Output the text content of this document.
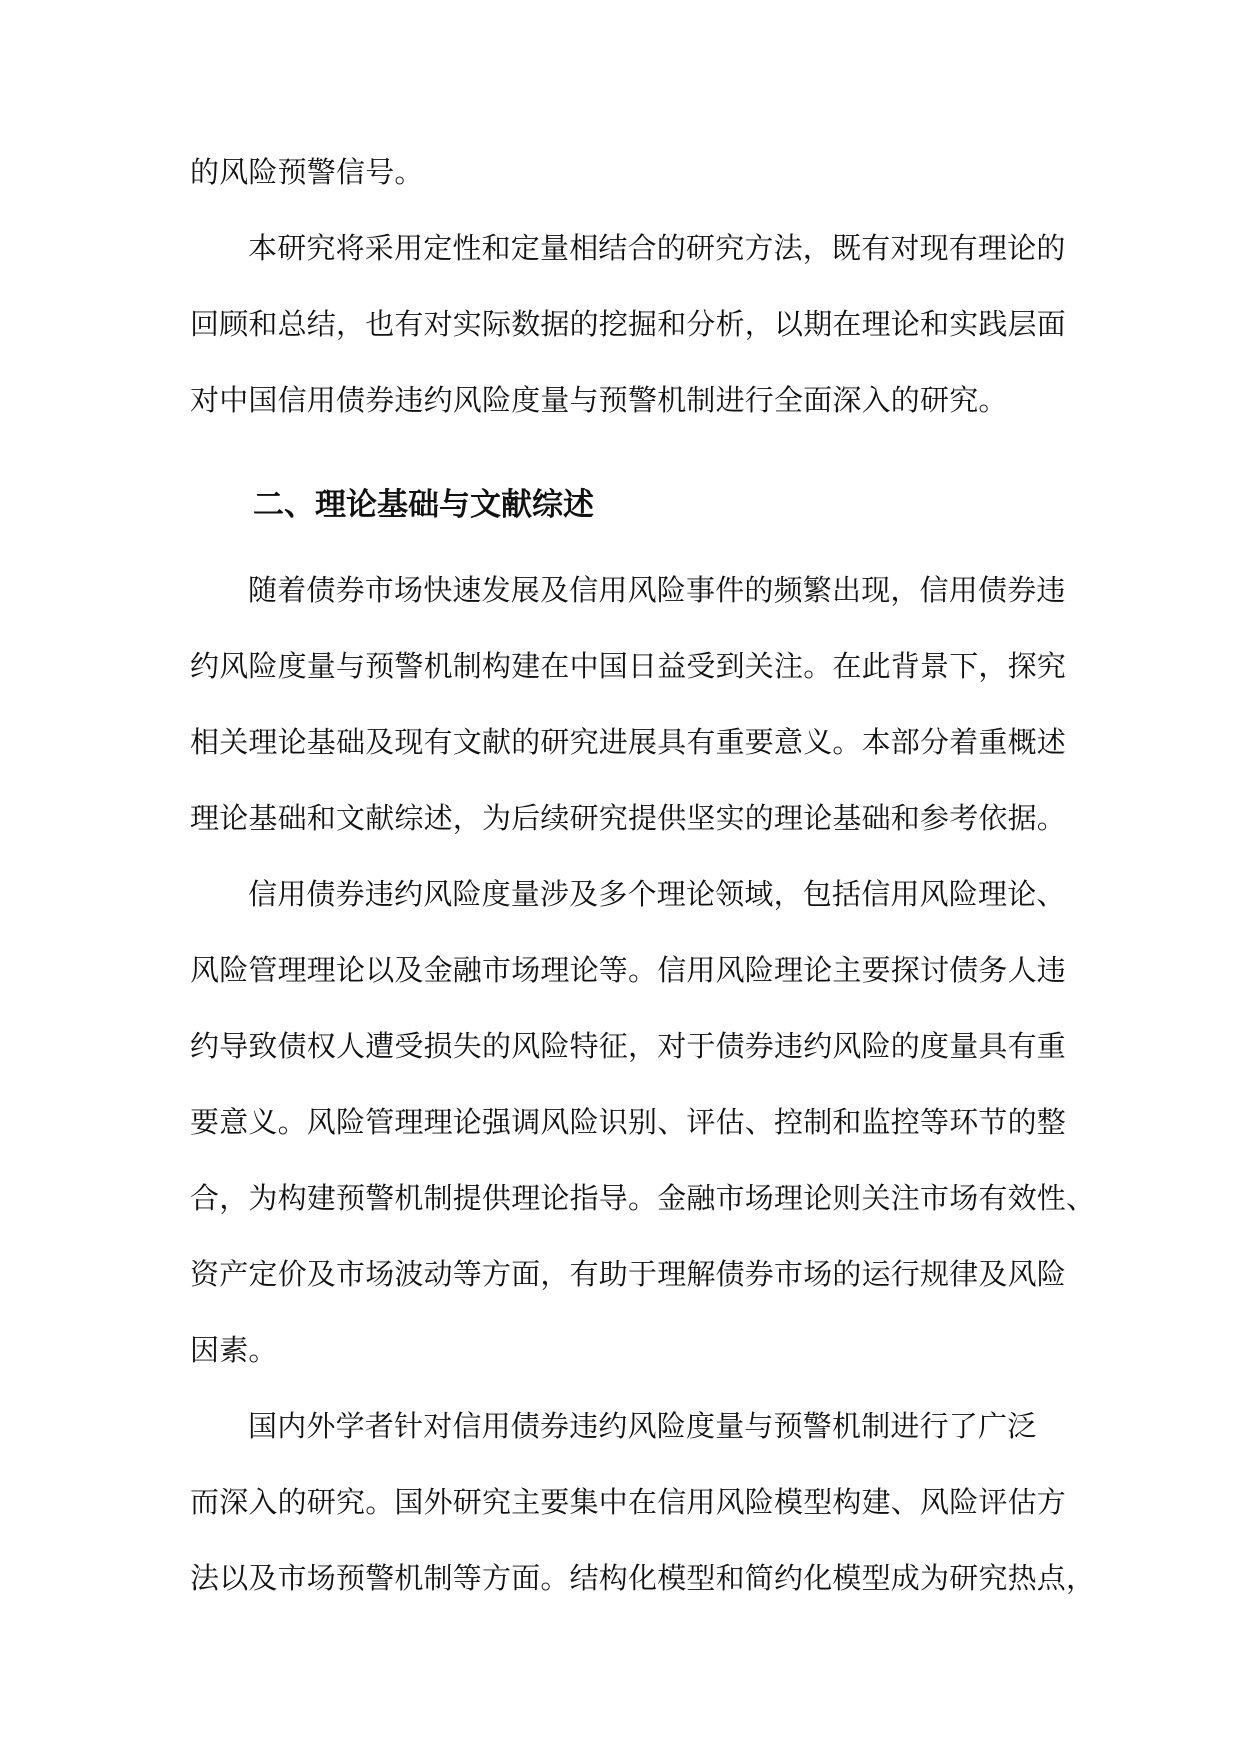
的风险预警信号。
本研究将采用定性和定量相结合的研究方法，既有对现有理论的
回顾和总结，也有对实际数据的挖掘和分析，以期在理论和实践层面
对中国信用债券违约风险度量与预警机制进行全面深入的研究。
二、理论基础与文献综述
随着债券市场快速发展及信用风险事件的频繁出现，信用债券违
约风险度量与预警机制构建在中国日益受到关注。在此背景下，探究
相关理论基础及现有文献的研究进展具有重要意义。本部分着重概述
理论基础和文献综述，为后续研究提供坚实的理论基础和参考依据。
信用债券违约风险度量涉及多个理论领域，包括信用风险理论、
风险管理理论以及金融市场理论等。信用风险理论主要探讨债务人违
约导致债权人遭受损失的风险特征，对于债券违约风险的度量具有重
要意义。风险管理理论强调风险识别、评估、控制和监控等环节的整
合，为构建预警机制提供理论指导。金融市场理论则关注市场有效性、
资产定价及市场波动等方面，有助于理解债券市场的运行规律及风险
因素。
国内外学者针对信用债券违约风险度量与预警机制进行了广泛
而深入的研究。国外研究主要集中在信用风险模型构建、风险评估方
法以及市场预警机制等方面。结构化模型和简约化模型成为研究热点，
